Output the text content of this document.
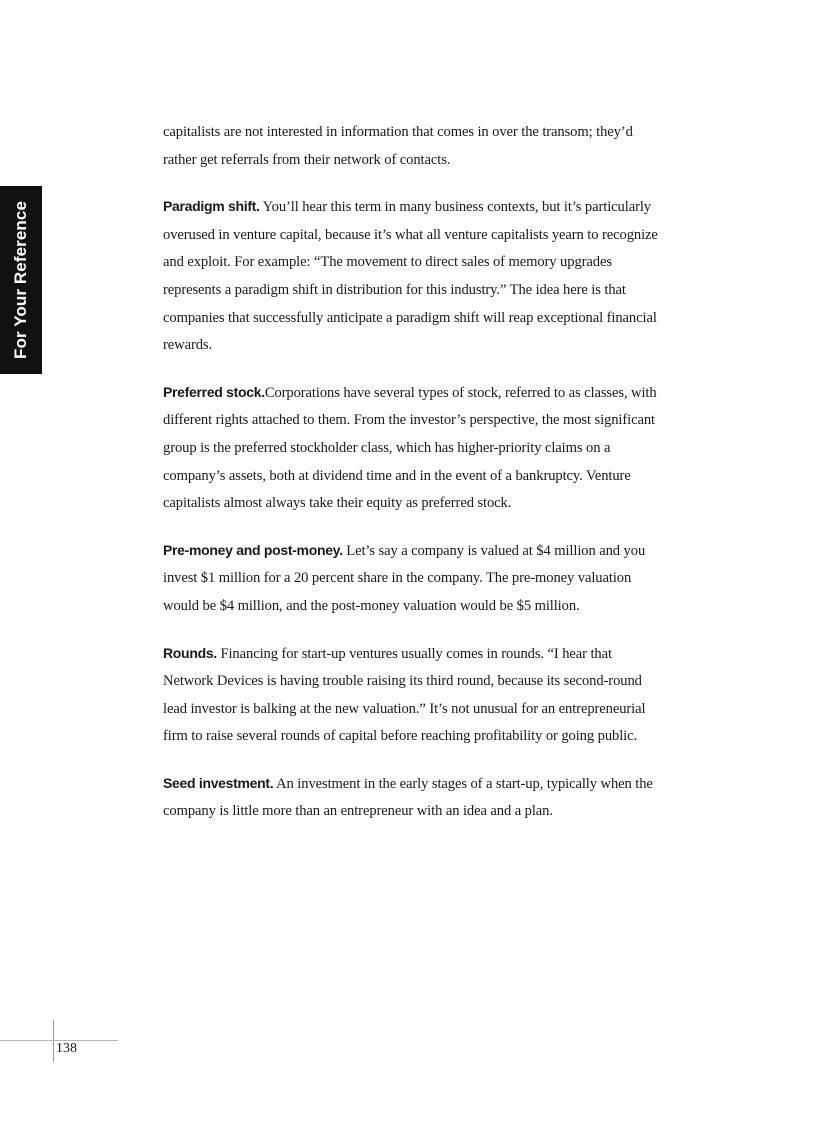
For Your Reference

capitalists are not interested in information that comes in over the transom; they’d rather get referrals from their network of contacts.

Paradigm shift. You’ll hear this term in many business contexts, but it’s particularly overused in venture capital, because it’s what all venture capitalists yearn to recognize and exploit. For example: “The movement to direct sales of memory upgrades represents a paradigm shift in distribution for this industry.” The idea here is that companies that successfully anticipate a paradigm shift will reap exceptional financial rewards.

Preferred stock.Corporations have several types of stock, referred to as classes, with different rights attached to them. From the investor’s perspective, the most significant group is the preferred stockholder class, which has higher-priority claims on a company’s assets, both at dividend time and in the event of a bankruptcy. Venture capitalists almost always take their equity as preferred stock.

Pre-money and post-money. Let’s say a company is valued at $4 million and you invest $1 million for a 20 percent share in the company. The pre-money valuation would be $4 million, and the post-money valuation would be $5 million.

Rounds. Financing for start-up ventures usually comes in rounds. “I hear that Network Devices is having trouble raising its third round, because its second-round lead investor is balking at the new valuation.” It’s not unusual for an entrepreneurial firm to raise several rounds of capital before reaching profitability or going public.

Seed investment. An investment in the early stages of a start-up, typically when the company is little more than an entrepreneur with an idea and a plan.

138
